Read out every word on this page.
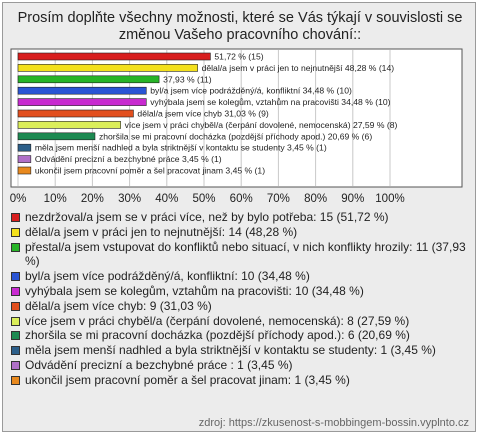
Prosím doplňte všechny možnosti, které se Vás týkají v souvislosti se změnou Vašeho pracovního chování::
51,72 % (15)
dělal/a jsem v práci jen to nejnutnější 48,28 % (14)
37,93 % (11)
byl/a jsem více podrážděný/á, konfliktní 34,48 % (10)
vyhýbala jsem se kolegům, vztahům na pracovišti 34,48 % (10)
dělal/a jsem více chyb 31,03 % (9)
více jsem v práci chyběl/a (čerpání dovolené, nemocenská) 27,59 % (8)
zhoršila se mi pracovní docházka (pozdější příchody apod.) 20,69 % (6)
měla jsem menší nadhled a byla striktnější v kontaktu se studenty 3,45 % (1)
Odvádění precizní a bezchybné práce 3,45 % (1)
ukončil jsem pracovní poměr a šel pracovat jinam 3,45 % (1)
0% 10% 20% 30% 40% 50% 60% 70% 80% 90% 100%
nezdržoval/a jsem se v práci více, než by bylo potřeba: 15 (51,72 %)
dělal/a jsem v práci jen to nejnutnější: 14 (48,28 %)
přestal/a jsem vstupovat do konfliktů nebo situací, v nich konflikty hrozily: 11 (37,93 %)
byl/a jsem více podrážděný/á, konfliktní: 10 (34,48 %)
vyhýbala jsem se kolegům, vztahům na pracovišti: 10 (34,48 %)
dělal/a jsem více chyb: 9 (31,03 %)
více jsem v práci chyběl/a (čerpání dovolené, nemocenská): 8 (27,59 %)
zhoršila se mi pracovní docházka (pozdější příchody apod.): 6 (20,69 %)
měla jsem menší nadhled a byla striktnější v kontaktu se studenty: 1 (3,45 %)
Odvádění precizní a bezchybné práce : 1 (3,45 %)
ukončil jsem pracovní poměr a šel pracovat jinam: 1 (3,45 %)
zdroj: https://zkusenost-s-mobbingem-bossin.vyplnto.cz
